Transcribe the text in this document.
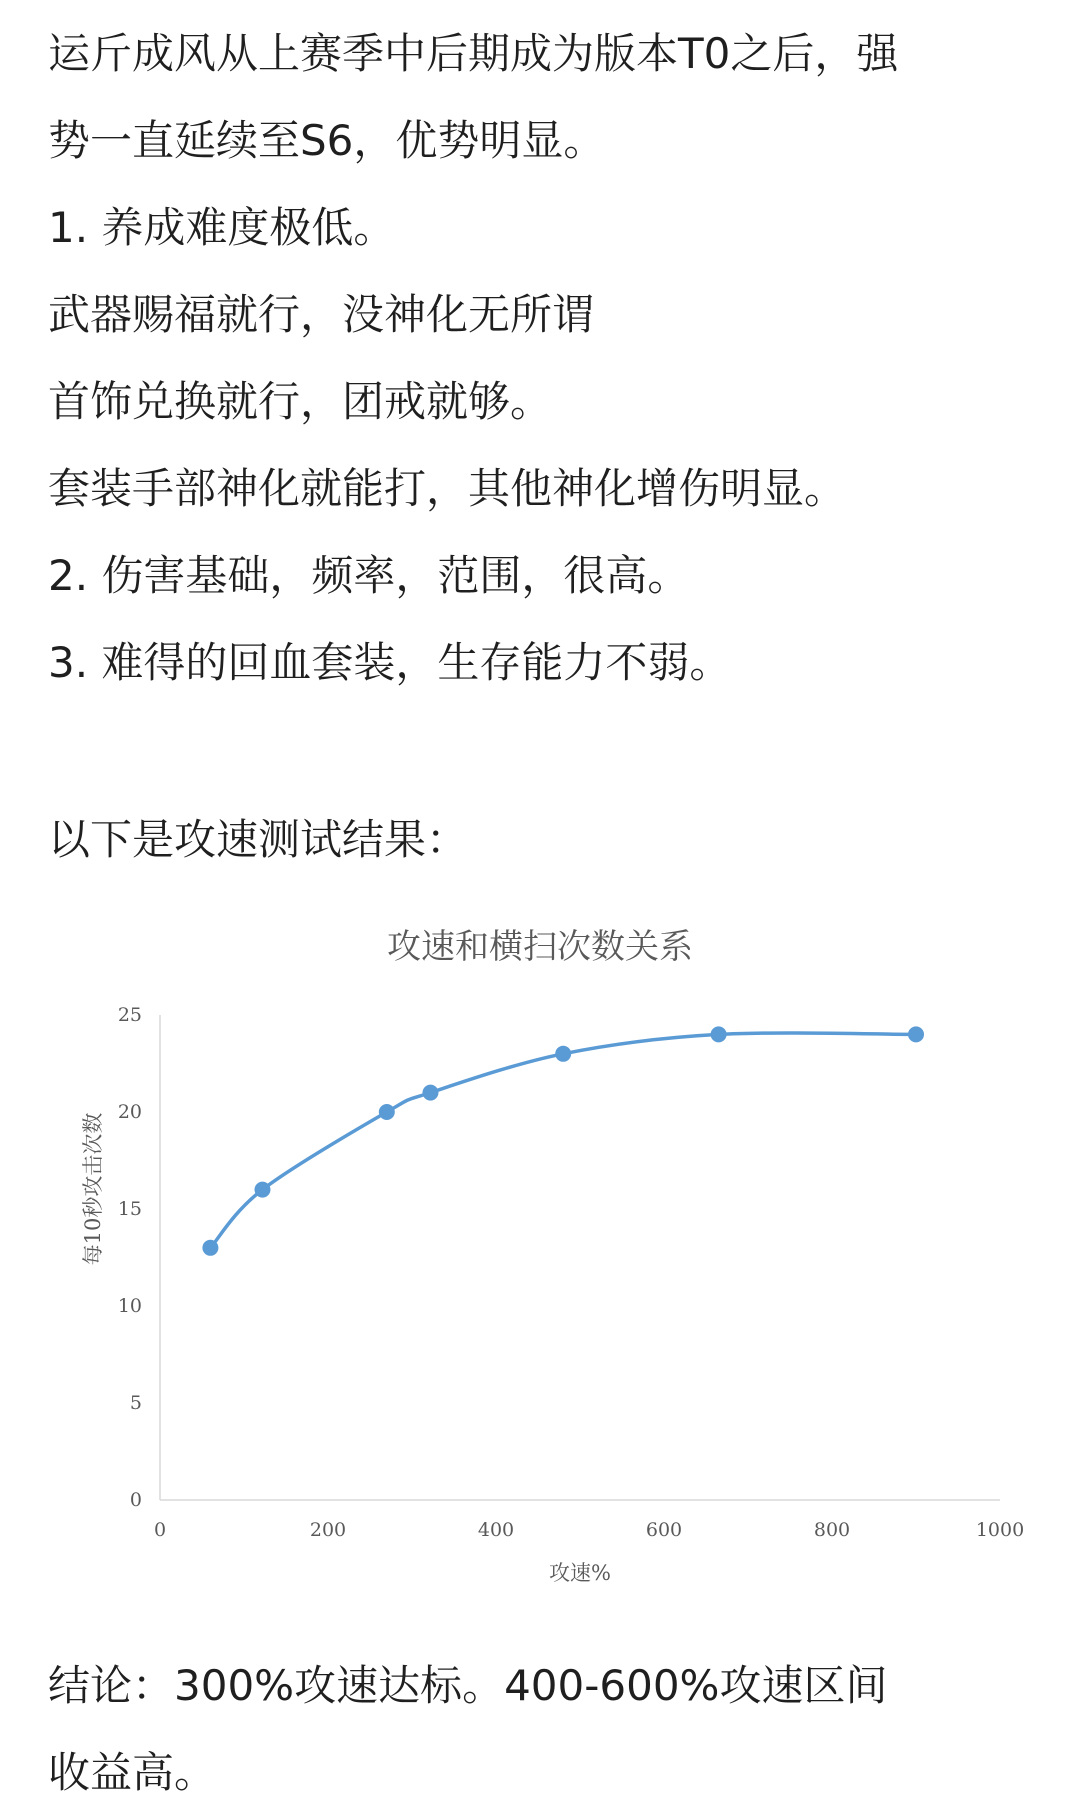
运斤成风从上赛季中后期成为版本T0之后，强
势一直延续至S6，优势明显。
1. 养成难度极低。
武器赐福就行，没神化无所谓
首饰兑换就行，团戒就够。
套装手部神化就能打，其他神化增伤明显。
2. 伤害基础，频率，范围，很高。
3. 难得的回血套装，生存能力不弱。
以下是攻速测试结果：
攻速和横扫次数关系
0
5
10
15
20
25
0	200	400	600	800	1000
攻速%
每10秒攻击次数
结论：300%攻速达标。400-600%攻速区间
收益高。
